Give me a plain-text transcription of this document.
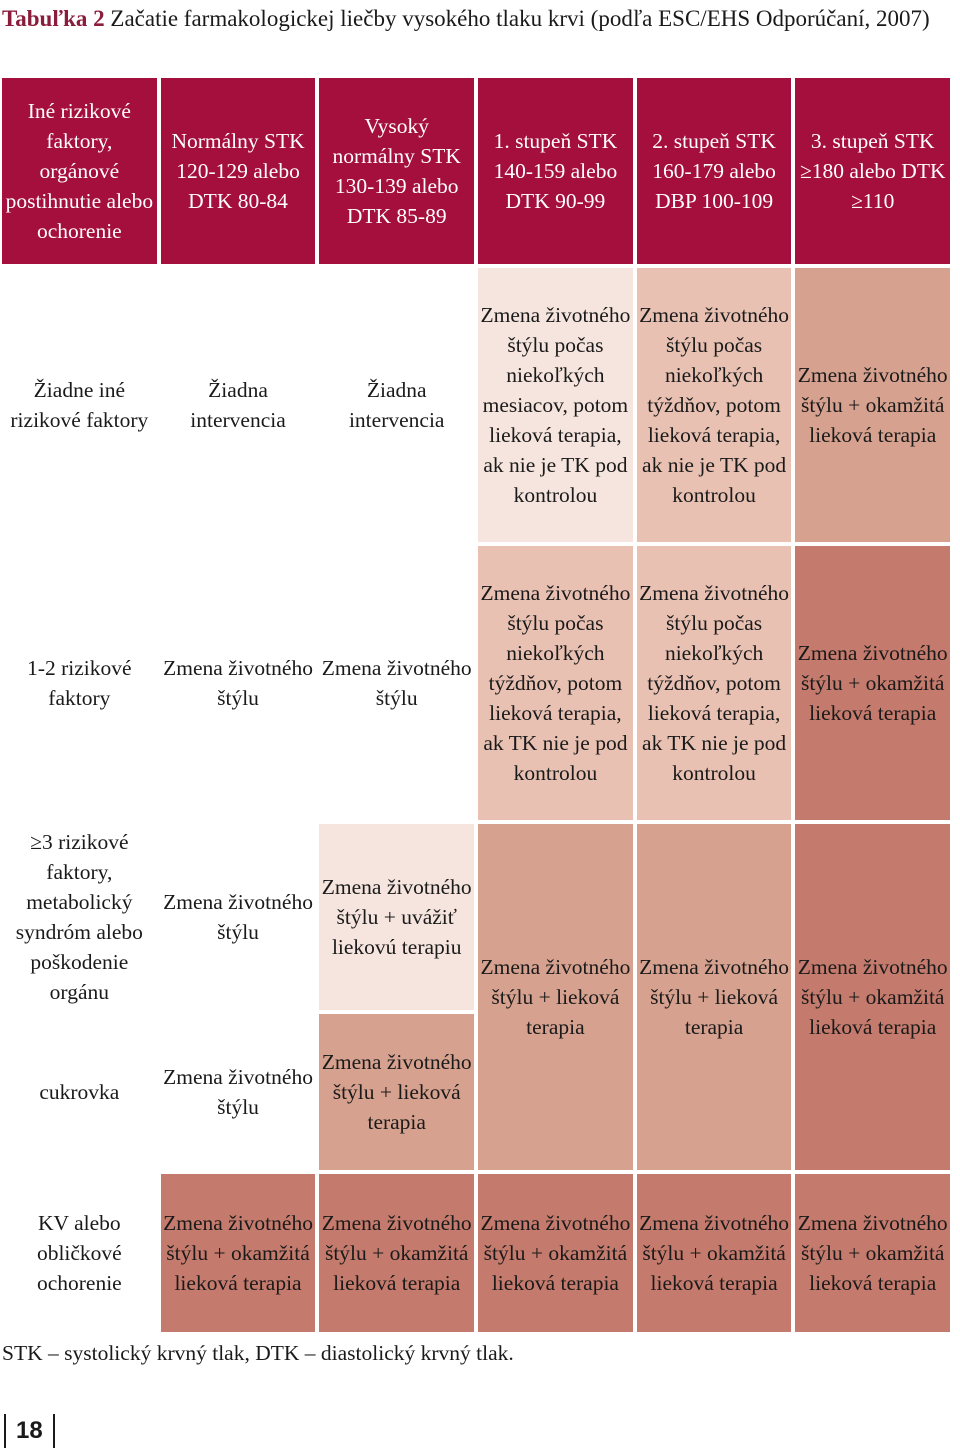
Tabuľka 2 Začatie farmakologickej liečby vysokého tlaku krvi (podľa ESC/EHS Odporúčaní, 2007)

Iné rizikové faktory, orgánové postihnutie alebo ochorenie	Normálny STK 120-129 alebo DTK 80-84	Vysoký normálny STK 130-139 alebo DTK 85-89	1. stupeň STK 140-159 alebo DTK 90-99	2. stupeň STK 160-179 alebo DBP 100-109	3. stupeň STK ≥180 alebo DTK ≥110
Žiadne iné rizikové faktory	Žiadna intervencia	Žiadna intervencia	Zmena životného štýlu počas niekoľkých mesiacov, potom lieková terapia, ak nie je TK pod kontrolou	Zmena životného štýlu počas niekoľkých týždňov, potom lieková terapia, ak nie je TK pod kontrolou	Zmena životného štýlu + okamžitá lieková terapia
1-2 rizikové faktory	Zmena životného štýlu	Zmena životného štýlu	Zmena životného štýlu počas niekoľkých týždňov, potom lieková terapia, ak TK nie je pod kontrolou	Zmena životného štýlu počas niekoľkých týždňov, potom lieková terapia, ak TK nie je pod kontrolou	Zmena životného štýlu + okamžitá lieková terapia
≥3 rizikové faktory, metabolický syndróm alebo poškodenie orgánu	Zmena životného štýlu	Zmena životného štýlu + uvážiť liekovú terapiu	Zmena životného štýlu + lieková terapia	Zmena životného štýlu + lieková terapia	Zmena životného štýlu + okamžitá lieková terapia
cukrovka	Zmena životného štýlu	Zmena životného štýlu + lieková terapia			
KV alebo obličkové ochorenie	Zmena životného štýlu + okamžitá lieková terapia	Zmena životného štýlu + okamžitá lieková terapia	Zmena životného štýlu + okamžitá lieková terapia	Zmena životného štýlu + okamžitá lieková terapia	Zmena životného štýlu + okamžitá lieková terapia
STK – systolický krvný tlak, DTK – diastolický krvný tlak.
18
